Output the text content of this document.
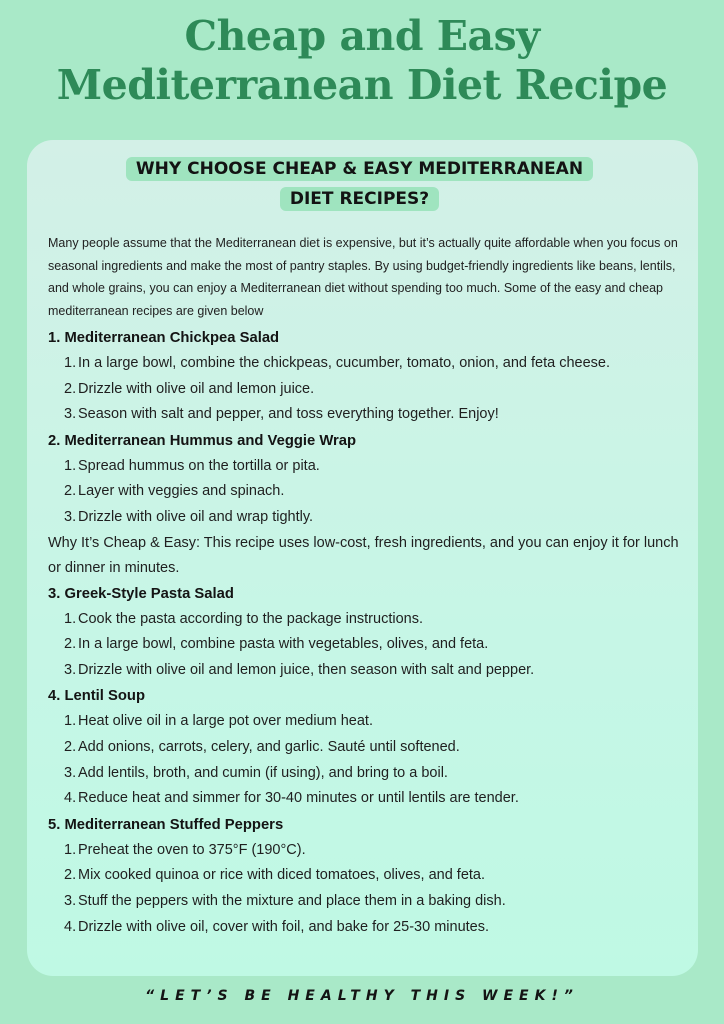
Cheap and Easy
Mediterranean Diet Recipe
WHY CHOOSE CHEAP & EASY MEDITERRANEAN DIET RECIPES?
Many people assume that the Mediterranean diet is expensive, but it’s actually quite affordable when you focus on seasonal ingredients and make the most of pantry staples. By using budget-friendly ingredients like beans, lentils, and whole grains, you can enjoy a Mediterranean diet without spending too much. Some of the easy and cheap mediterranean recipes are given below
1. Mediterranean Chickpea Salad
1. In a large bowl, combine the chickpeas, cucumber, tomato, onion, and feta cheese.
2. Drizzle with olive oil and lemon juice.
3. Season with salt and pepper, and toss everything together. Enjoy!
2. Mediterranean Hummus and Veggie Wrap
1. Spread hummus on the tortilla or pita.
2. Layer with veggies and spinach.
3. Drizzle with olive oil and wrap tightly.
Why It’s Cheap & Easy: This recipe uses low-cost, fresh ingredients, and you can enjoy it for lunch or dinner in minutes.
3. Greek-Style Pasta Salad
1. Cook the pasta according to the package instructions.
2. In a large bowl, combine pasta with vegetables, olives, and feta.
3. Drizzle with olive oil and lemon juice, then season with salt and pepper.
4. Lentil Soup
1. Heat olive oil in a large pot over medium heat.
2. Add onions, carrots, celery, and garlic. Sauté until softened.
3. Add lentils, broth, and cumin (if using), and bring to a boil.
4. Reduce heat and simmer for 30-40 minutes or until lentils are tender.
5. Mediterranean Stuffed Peppers
1. Preheat the oven to 375°F (190°C).
2. Mix cooked quinoa or rice with diced tomatoes, olives, and feta.
3. Stuff the peppers with the mixture and place them in a baking dish.
4. Drizzle with olive oil, cover with foil, and bake for 25-30 minutes.
“LET’S BE HEALTHY THIS WEEK!”
